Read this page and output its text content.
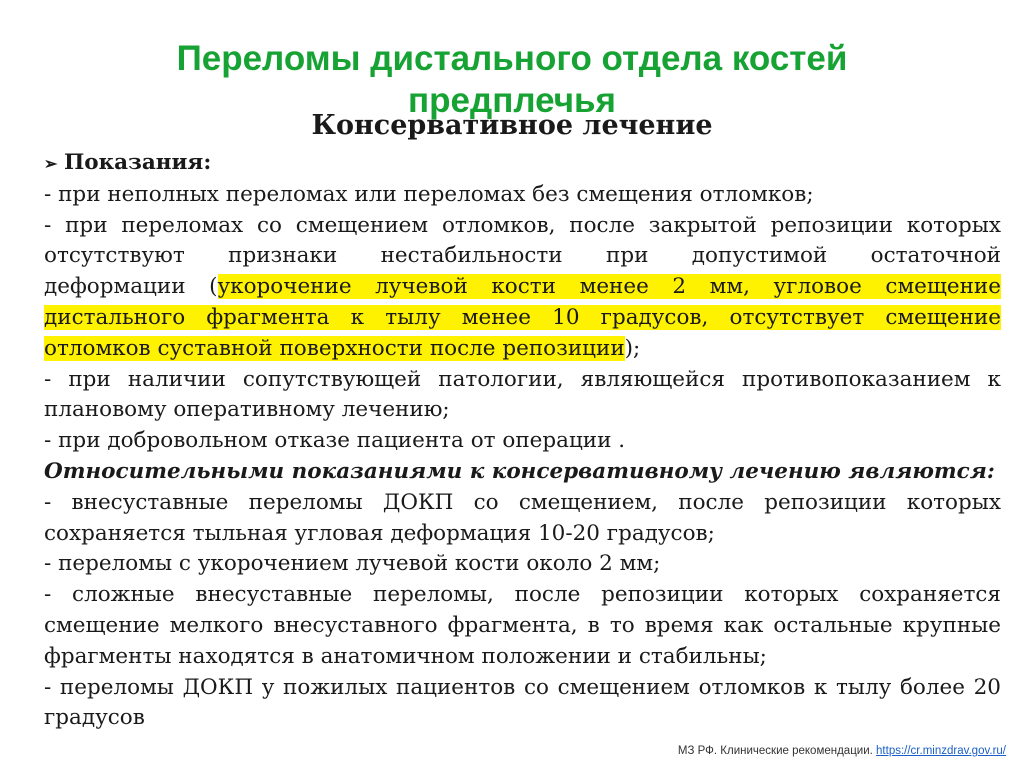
Переломы дистального отдела костей
предплечья
Консервативное лечение
➢ Показания:
- при неполных переломах или переломах без смещения отломков;
- при переломах со смещением отломков, после закрытой репозиции которых
отсутствуют признаки нестабильности при допустимой остаточной
деформации (укорочение лучевой кости менее 2 мм, угловое смещение
дистального фрагмента к тылу менее 10 градусов, отсутствует смещение
отломков суставной поверхности после репозиции);
- при наличии сопутствующей патологии, являющейся противопоказанием к
плановому оперативному лечению;
- при добровольном отказе пациента от операции .
Относительными показаниями к консервативному лечению являются:
- внесуставные переломы ДОКП со смещением, после репозиции которых
сохраняется тыльная угловая деформация 10-20 градусов;
- переломы с укорочением лучевой кости около 2 мм;
- сложные внесуставные переломы, после репозиции которых сохраняется
смещение мелкого внесуставного фрагмента, в то время как остальные крупные
фрагменты находятся в анатомичном положении и стабильны;
- переломы ДОКП у пожилых пациентов со смещением отломков к тылу более 20
градусов
МЗ РФ. Клинические рекомендации. https://cr.minzdrav.gov.ru/
